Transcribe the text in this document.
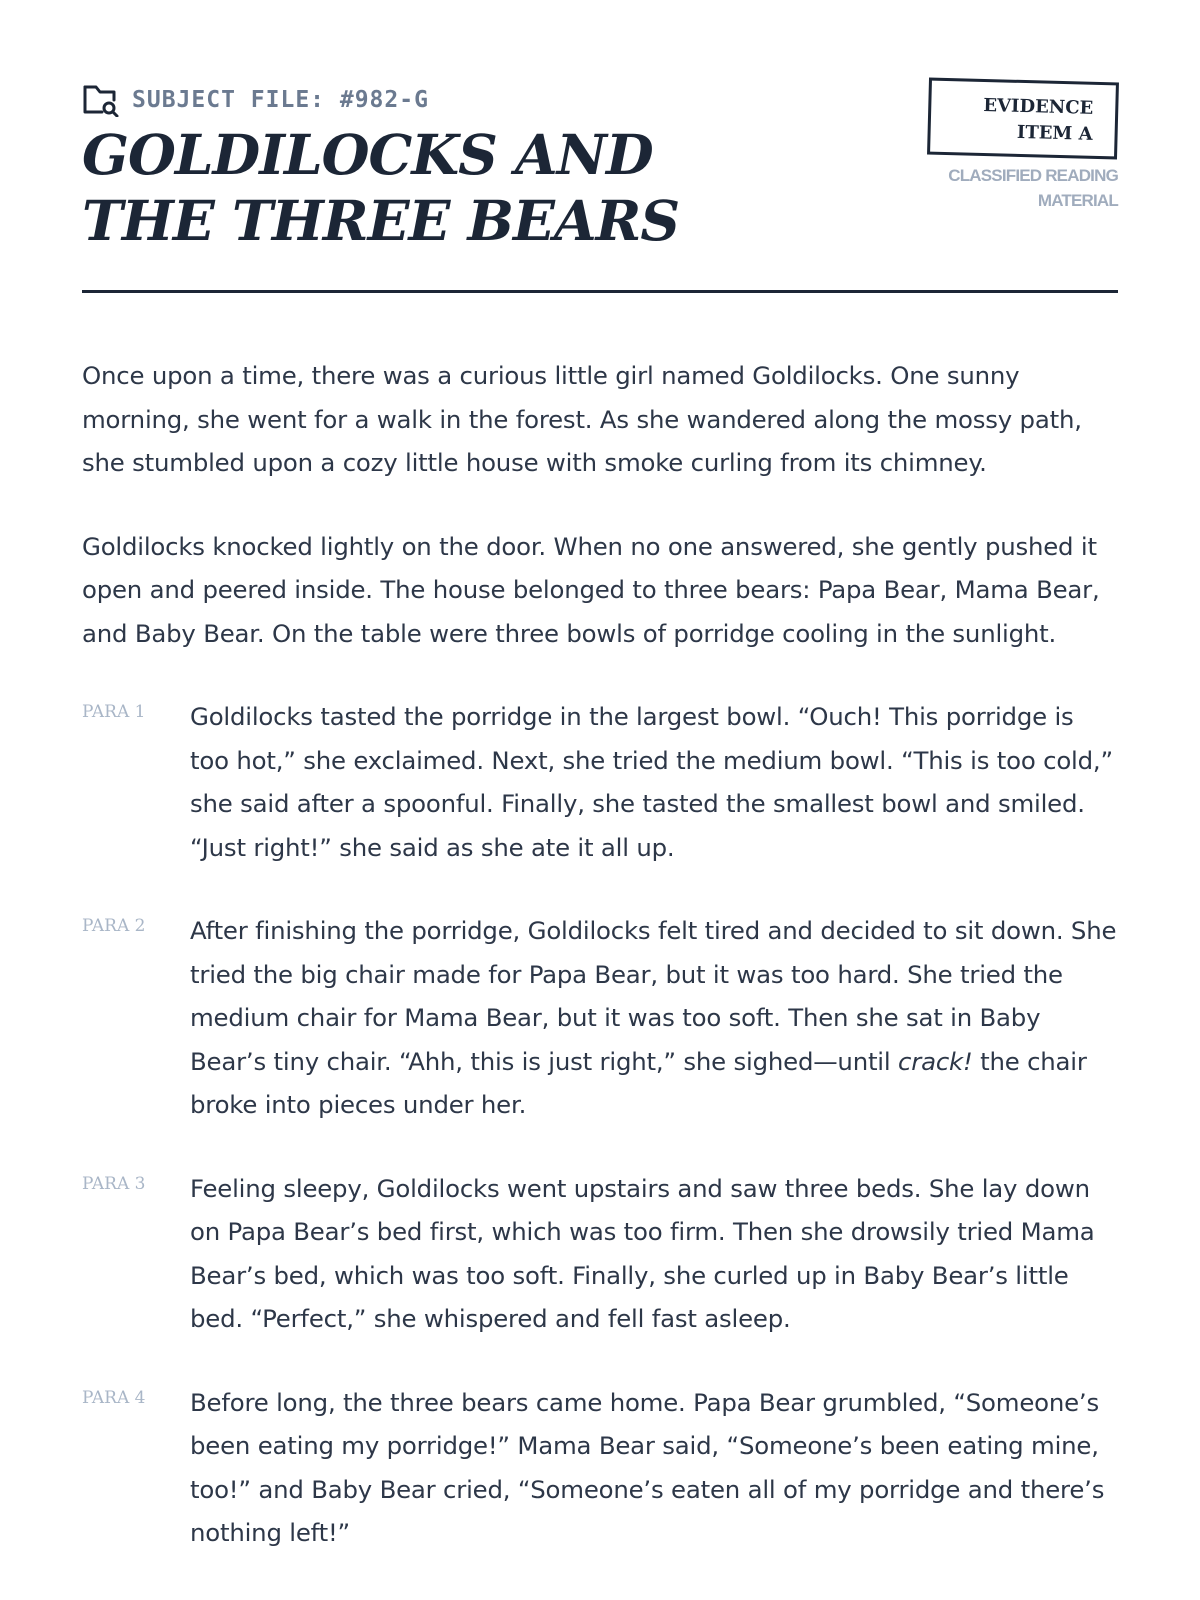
SUBJECT FILE: #982-G
GOLDILOCKS AND THE THREE BEARS
EVIDENCE
ITEM A
CLASSIFIED READING
MATERIAL

Once upon a time, there was a curious little girl named Goldilocks. One sunny morning, she went for a walk in the forest. As she wandered along the mossy path, she stumbled upon a cozy little house with smoke curling from its chimney.

Goldilocks knocked lightly on the door. When no one answered, she gently pushed it open and peered inside. The house belonged to three bears: Papa Bear, Mama Bear, and Baby Bear. On the table were three bowls of porridge cooling in the sunlight.

PARA 1	Goldilocks tasted the porridge in the largest bowl. “Ouch! This porridge is too hot,” she exclaimed. Next, she tried the medium bowl. “This is too cold,” she said after a spoonful. Finally, she tasted the smallest bowl and smiled. “Just right!” she said as she ate it all up.
PARA 2	After finishing the porridge, Goldilocks felt tired and decided to sit down. She tried the big chair made for Papa Bear, but it was too hard. She tried the medium chair for Mama Bear, but it was too soft. Then she sat in Baby Bear’s tiny chair. “Ahh, this is just right,” she sighed—until crack! the chair broke into pieces under her.
PARA 3	Feeling sleepy, Goldilocks went upstairs and saw three beds. She lay down on Papa Bear’s bed first, which was too firm. Then she drowsily tried Mama Bear’s bed, which was too soft. Finally, she curled up in Baby Bear’s little bed. “Perfect,” she whispered and fell fast asleep.
PARA 4	Before long, the three bears came home. Papa Bear grumbled, “Someone’s been eating my porridge!” Mama Bear said, “Someone’s been eating mine, too!” and Baby Bear cried, “Someone’s eaten all of my porridge and there’s nothing left!”
